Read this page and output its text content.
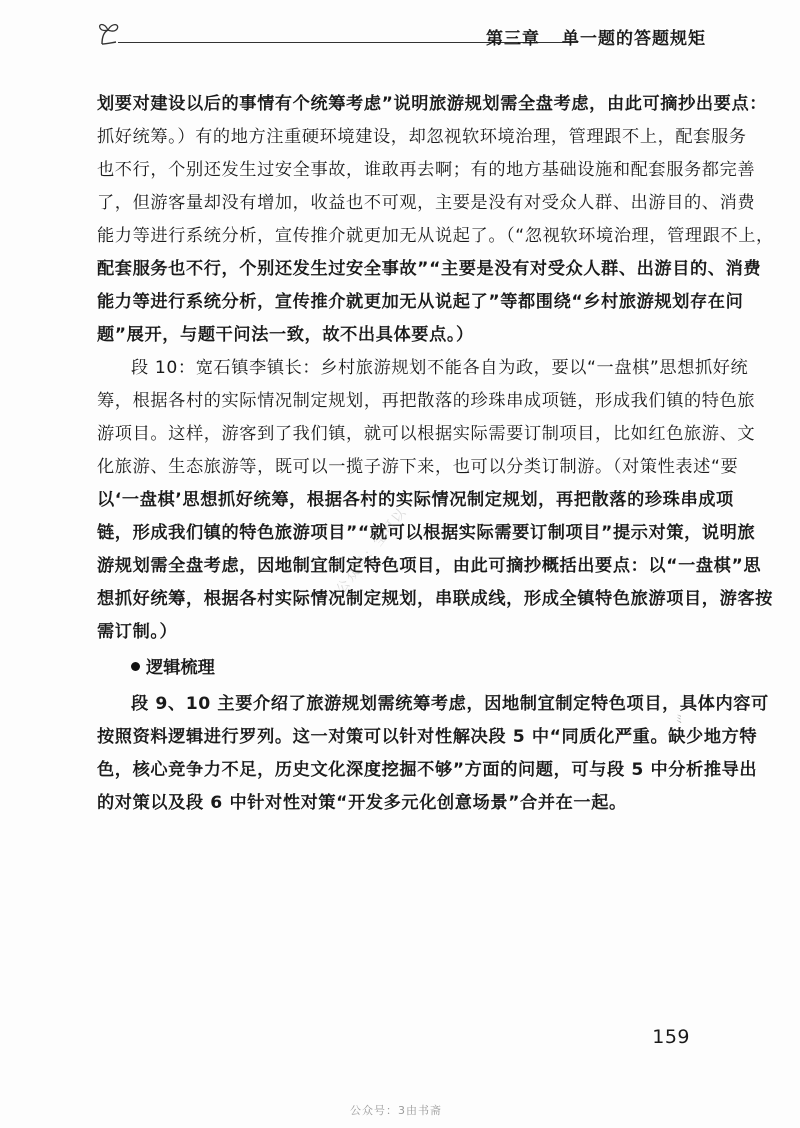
第三章 单一题的答题规矩
划要对建设以后的事情有个统筹考虑”说明旅游规划需全盘考虑，由此可摘抄出要点：
抓好统筹。）有的地方注重硬环境建设，却忽视软环境治理，管理跟不上，配套服务
也不行，个别还发生过安全事故，谁敢再去啊；有的地方基础设施和配套服务都完善
了，但游客量却没有增加，收益也不可观，主要是没有对受众人群、出游目的、消费
能力等进行系统分析，宣传推介就更加无从说起了。（“忽视软环境治理，管理跟不上，
配套服务也不行，个别还发生过安全事故”“主要是没有对受众人群、出游目的、消费
能力等进行系统分析，宣传推介就更加无从说起了”等都围绕“乡村旅游规划存在问
题”展开，与题干问法一致，故不出具体要点。）
段 10：宽石镇李镇长：乡村旅游规划不能各自为政，要以“一盘棋”思想抓好统
筹，根据各村的实际情况制定规划，再把散落的珍珠串成项链，形成我们镇的特色旅
游项目。这样，游客到了我们镇，就可以根据实际需要订制项目，比如红色旅游、文
化旅游、生态旅游等，既可以一揽子游下来，也可以分类订制游。（对策性表述“要
以‘一盘棋’思想抓好统筹，根据各村的实际情况制定规划，再把散落的珍珠串成项
链，形成我们镇的特色旅游项目”“就可以根据实际需要订制项目”提示对策，说明旅
游规划需全盘考虑，因地制宜制定特色项目，由此可摘抄概括出要点：以“一盘棋”思
想抓好统筹，根据各村实际情况制定规划，串联成线，形成全镇特色旅游项目，游客按
需订制。）
逻辑梳理
段 9、10 主要介绍了旅游规划需统筹考虑，因地制宜制定特色项目，具体内容可
按照资料逻辑进行罗列。这一对策可以针对性解决段 5 中“同质化严重。缺少地方特
色，核心竞争力不足，历史文化深度挖掘不够”方面的问题，可与段 5 中分析推导出
的对策以及段 6 中针对性对策“开发多元化创意场景”合并在一起。
公众号：宝可以
ﾐ
159
公众号：3由书斋
